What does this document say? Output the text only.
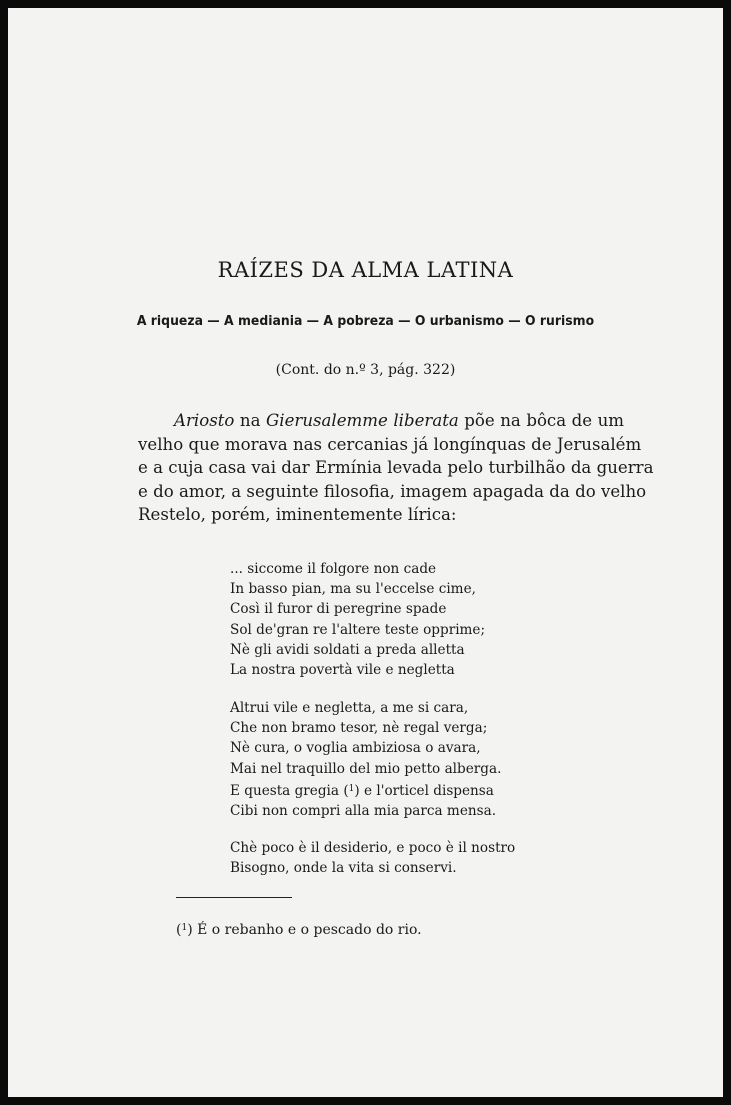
RAÍZES DA ALMA LATINA
A riqueza — A mediania — A pobreza — O urbanismo — O rurismo
(Cont. do n.º 3, pág. 322)
Ariosto na Gierusalemme liberata põe na bôca de um
velho que morava nas cercanias já longínquas de Jerusalém
e a cuja casa vai dar Ermínia levada pelo turbilhão da guerra
e do amor, a seguinte filosofia, imagem apagada da do velho
Restelo, porém, iminentemente lírica:
... siccome il folgore non cade
In basso pian, ma su l'eccelse cime,
Così il furor di peregrine spade
Sol de'gran re l'altere teste opprime;
Nè gli avidi soldati a preda alletta
La nostra povertà vile e negletta
Altrui vile e negletta, a me si cara,
Che non bramo tesor, nè regal verga;
Nè cura, o voglia ambiziosa o avara,
Mai nel traquillo del mio petto alberga.
E questa gregia ($^1$) e l'orticel dispensa
Cibi non compri alla mia parca mensa.
Chè poco è il desiderio, e poco è il nostro
Bisogno, onde la vita si conservi.
($^1$) É o rebanho e o pescado do rio.
